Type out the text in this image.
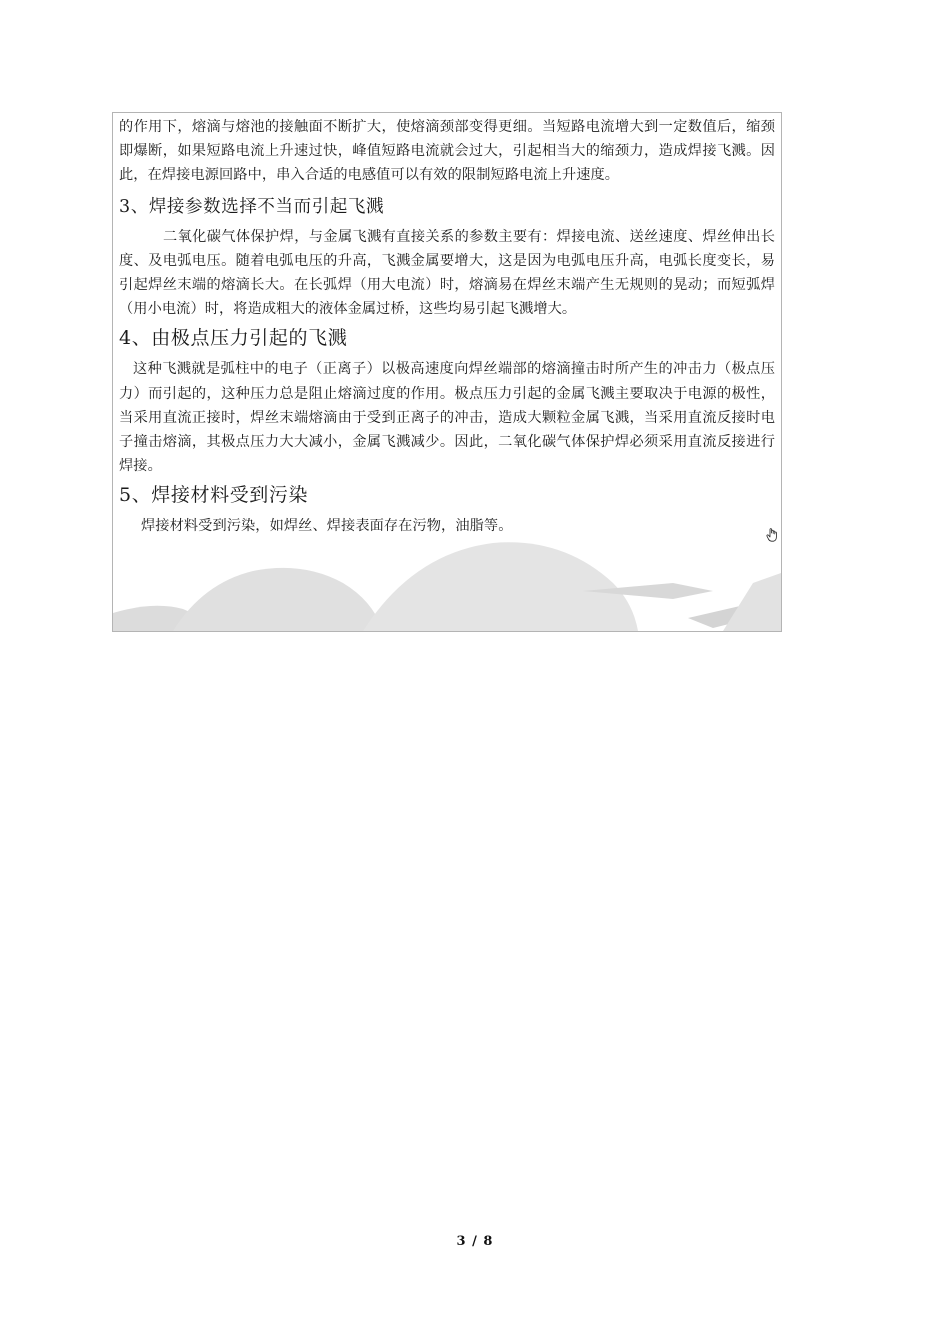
的作用下，熔滴与熔池的接触面不断扩大，使熔滴颈部变得更细。当短路电流增大到一定数值后，缩颈即爆断，如果短路电流上升速过快，峰值短路电流就会过大，引起相当大的缩颈力，造成焊接飞溅。因此，在焊接电源回路中，串入合适的电感值可以有效的限制短路电流上升速度。

3、焊接参数选择不当而引起飞溅

二氧化碳气体保护焊，与金属飞溅有直接关系的参数主要有：焊接电流、送丝速度、焊丝伸出长度、及电弧电压。随着电弧电压的升高，飞溅金属要增大，这是因为电弧电压升高，电弧长度变长，易引起焊丝末端的熔滴长大。在长弧焊（用大电流）时，熔滴易在焊丝末端产生无规则的晃动；而短弧焊（用小电流）时，将造成粗大的液体金属过桥，这些均易引起飞溅增大。

4、由极点压力引起的飞溅

这种飞溅就是弧柱中的电子（正离子）以极高速度向焊丝端部的熔滴撞击时所产生的冲击力（极点压力）而引起的，这种压力总是阻止熔滴过度的作用。极点压力引起的金属飞溅主要取决于电源的极性，当采用直流正接时，焊丝末端熔滴由于受到正离子的冲击，造成大颗粒金属飞溅，当采用直流反接时电子撞击熔滴，其极点压力大大减小，金属飞溅减少。因此，二氧化碳气体保护焊必须采用直流反接进行焊接。

5、焊接材料受到污染

焊接材料受到污染，如焊丝、焊接表面存在污物，油脂等。

3 / 8
